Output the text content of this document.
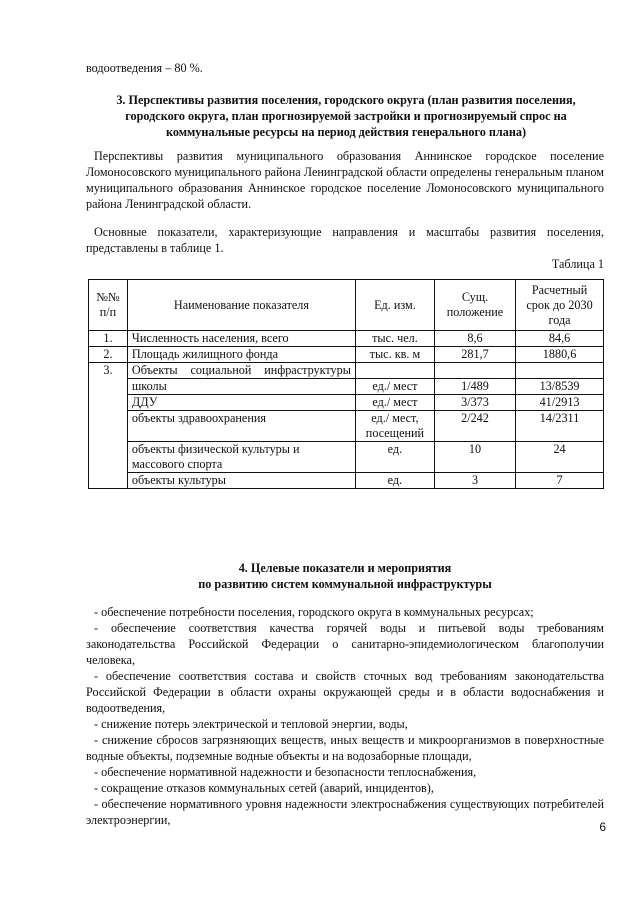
водоотведения – 80 %.

3. Перспективы развития поселения, городского округа (план развития поселения, городского округа, план прогнозируемой застройки и прогнозируемый спрос на коммунальные ресурсы на период действия генерального плана)

Перспективы развития муниципального образования Аннинское городское поселение Ломоносовского муниципального района Ленинградской области определены генеральным планом муниципального образования Аннинское городское поселение Ломоносовского муниципального района Ленинградской области.

Основные показатели, характеризующие направления и масштабы развития поселения, представлены в таблице 1.

Таблица 1

№№ п/п	Наименование показателя	Ед. изм.	Сущ. положение	Расчетный срок до 2030 года
1.	Численность населения, всего	тыс. чел.	8,6	84,6
2.	Площадь жилищного фонда	тыс. кв. м	281,7	1880,6
3.	Объекты социальной инфраструктуры			

	школы	ед./ мест	1/489	13/8539
	ДДУ	ед./ мест	3/373	41/2913
	объекты здравоохранения	ед./ мест, посещений	2/242	14/2311
	объекты физической культуры и массового спорта	ед.	10	24
	объекты культуры	ед.	3	7

4. Целевые показатели и мероприятия

по развитию систем коммунальной инфраструктуры

- обеспечение потребности поселения, городского округа в коммунальных ресурсах;

- обеспечение соответствия качества горячей воды и питьевой воды требованиям законодательства Российской Федерации о санитарно-эпидемиологическом благополучии человека,

- обеспечение соответствия состава и свойств сточных вод требованиям законодательства Российской Федерации в области охраны окружающей среды и в области водоснабжения и водоотведения,

- снижение потерь электрической и тепловой энергии, воды,

- снижение сбросов загрязняющих веществ, иных веществ и микроорганизмов в поверхностные водные объекты, подземные водные объекты и на водозаборные площади,

- обеспечение нормативной надежности и безопасности теплоснабжения,

- сокращение отказов коммунальных сетей (аварий, инцидентов),

- обеспечение нормативного уровня надежности электроснабжения существующих потребителей электроэнергии,	6
